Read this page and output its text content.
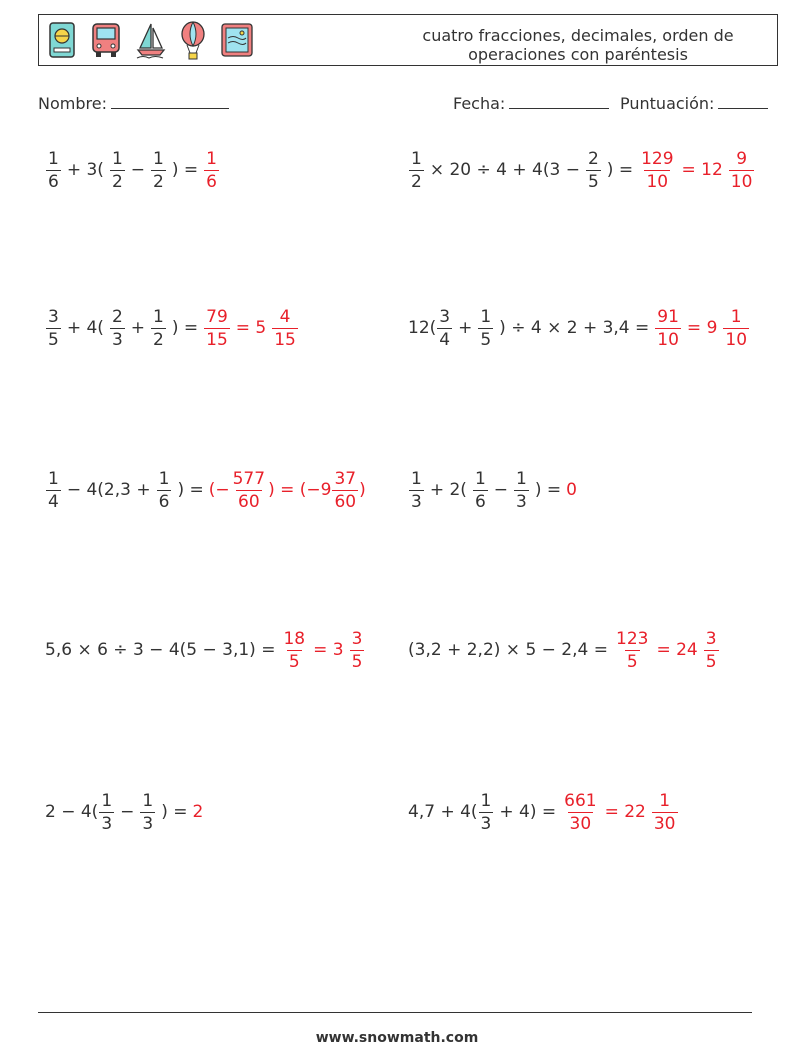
cuatro fracciones, decimales, orden de
operaciones con paréntesis
Nombre:	Fecha:	Puntuación:
$\frac{1}{6} + 3( \frac{1}{2} - \frac{1}{2}$ ) = $\frac{1}{6}$	$\frac{1}{2} \times 20 \div 4 + 4(3 - \frac{2}{5}$ ) = $\frac{129}{10} = 12 \frac{9}{10}$
$\frac{3}{5} + 4( \frac{2}{3} + \frac{1}{2}$ ) = $\frac{79}{15} = 5 \frac{4}{15}$	$12( \frac{3}{4} + \frac{1}{5}$ ) ÷ $4 \times 2 + 3,4 = \frac{91}{10} = 9 \frac{1}{10}$
$\frac{1}{4} - 4(2,3 + \frac{1}{6}$ ) = (− $\frac{577}{60}$ ) = ($-9 \frac{37}{60}$ )	$\frac{1}{3} + 2( \frac{1}{6} - \frac{1}{3}$ ) = 0
$5,6 \times 6 \div 3 - 4(5 - 3,1) = \frac{18}{5} = 3 \frac{3}{5}$	$(3,2 + 2,2) \times 5 - 2,4 = \frac{123}{5} = 24 \frac{3}{5}$
$2 - 4( \frac{1}{3} - \frac{1}{3}$ ) = 2	$4,7 + 4( \frac{1}{3} + 4) = \frac{661}{30} = 22 \frac{1}{30}$
www.snowmath.com
